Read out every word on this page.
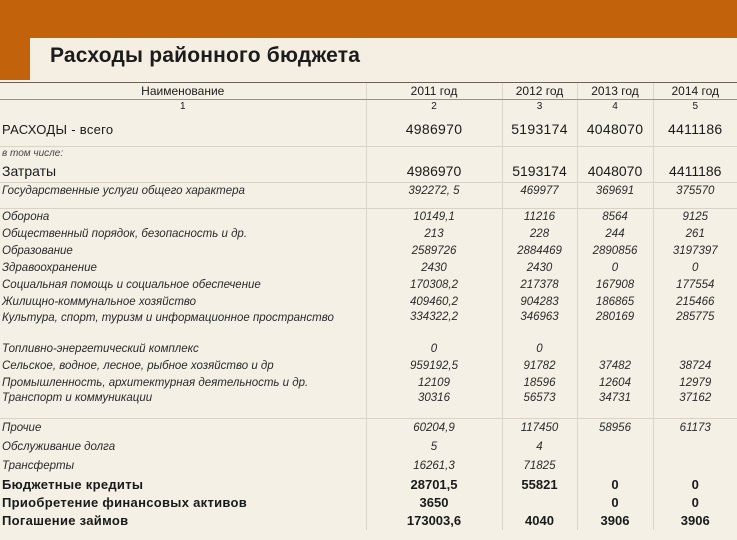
Расходы районного бюджета
Наименование	2011 год	2012 год	2013 год	2014 год
1	2	3	4	5
РАСХОДЫ - всего	4986970	5193174	4048070	4411186
в том числе:				
Затраты	4986970	5193174	4048070	4411186
Государственные услуги общего характера	392272, 5	469977	369691	375570
Оборона	10149,1	11216	8564	9125
Общественный порядок, безопасность и др.	213	228	244	261
Образование	2589726	2884469	2890856	3197397
Здравоохранение	2430	2430	0	0
Социальная помощь и социальное обеспечение	170308,2	217378	167908	177554
Жилищно-коммунальное хозяйство	409460,2	904283	186865	215466
Культура, спорт, туризм и информационное пространство	334322,2	346963	280169	285775
Топливно-энергетический комплекс	0	0		
Сельское, водное, лесное, рыбное хозяйство и др	959192,5	91782	37482	38724
Промышленность, архитектурная деятельность и др.	12109	18596	12604	12979
Транспорт и коммуникации	30316	56573	34731	37162
Прочие	60204,9	117450	58956	61173
Обслуживание долга	5	4		
Трансферты	16261,3	71825		
Бюджетные кредиты	28701,5	55821	0	0
Приобретение финансовых активов	3650		0	0
Погашение займов	173003,6	4040	3906	3906
